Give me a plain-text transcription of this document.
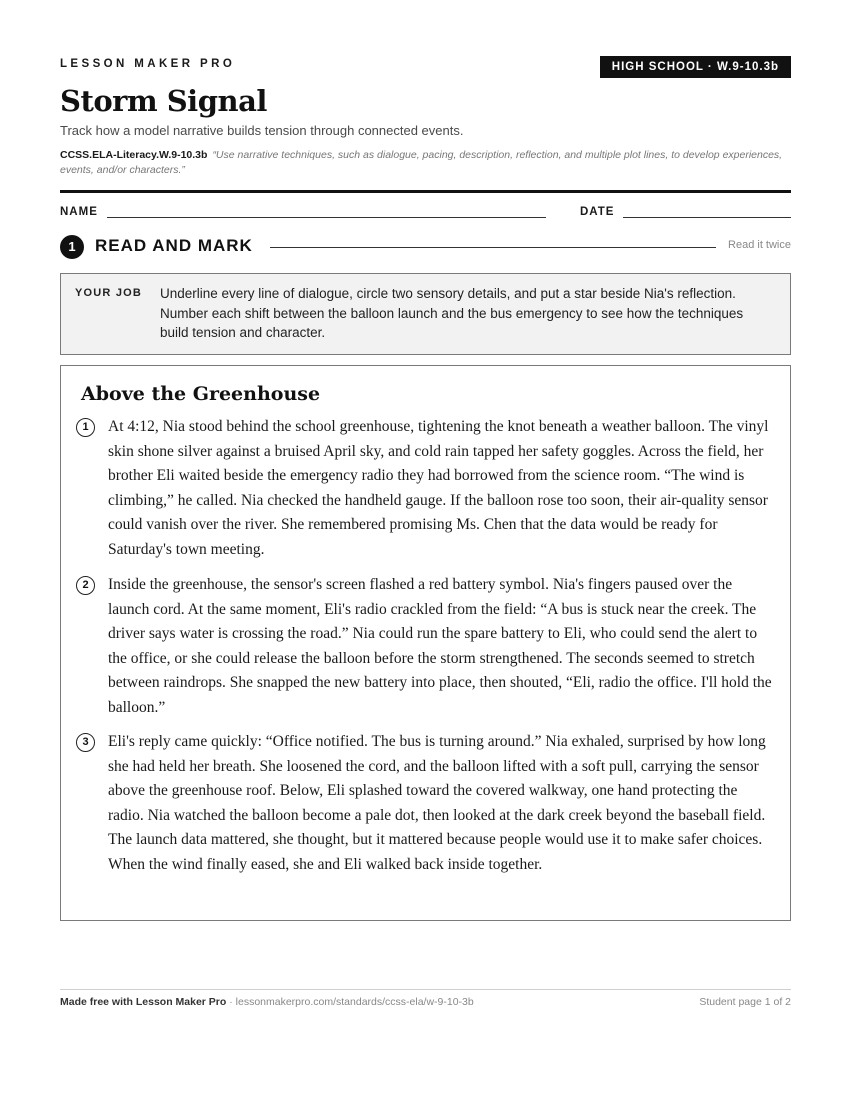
LESSON MAKER PRO	HIGH SCHOOL · W.9-10.3b
Storm Signal
Track how a model narrative builds tension through connected events.
CCSS.ELA-Literacy.W.9-10.3b “Use narrative techniques, such as dialogue, pacing, description, reflection, and multiple plot lines, to develop experiences, events, and/or characters.”
NAME	DATE
1	READ AND MARK	Read it twice
YOUR JOB Underline every line of dialogue, circle two sensory details, and put a star beside Nia's reflection. Number each shift between the balloon launch and the bus emergency to see how the techniques build tension and character.
Above the Greenhouse
1	At 4:12, Nia stood behind the school greenhouse, tightening the knot beneath a weather balloon. The vinyl skin shone silver against a bruised April sky, and cold rain tapped her safety goggles. Across the field, her brother Eli waited beside the emergency radio they had borrowed from the science room. “The wind is climbing,” he called. Nia checked the handheld gauge. If the balloon rose too soon, their air-quality sensor could vanish over the river. She remembered promising Ms. Chen that the data would be ready for Saturday's town meeting.
2	Inside the greenhouse, the sensor's screen flashed a red battery symbol. Nia's fingers paused over the launch cord. At the same moment, Eli's radio crackled from the field: “A bus is stuck near the creek. The driver says water is crossing the road.” Nia could run the spare battery to Eli, who could send the alert to the office, or she could release the balloon before the storm strengthened. The seconds seemed to stretch between raindrops. She snapped the new battery into place, then shouted, “Eli, radio the office. I'll hold the balloon.”
3	Eli's reply came quickly: “Office notified. The bus is turning around.” Nia exhaled, surprised by how long she had held her breath. She loosened the cord, and the balloon lifted with a soft pull, carrying the sensor above the greenhouse roof. Below, Eli splashed toward the covered walkway, one hand protecting the radio. Nia watched the balloon become a pale dot, then looked at the dark creek beyond the baseball field. The launch data mattered, she thought, but it mattered because people would use it to make safer choices. When the wind finally eased, she and Eli walked back inside together.
Made free with Lesson Maker Pro · lessonmakerpro.com/standards/ccss-ela/w-9-10-3b	Student page 1 of 2
